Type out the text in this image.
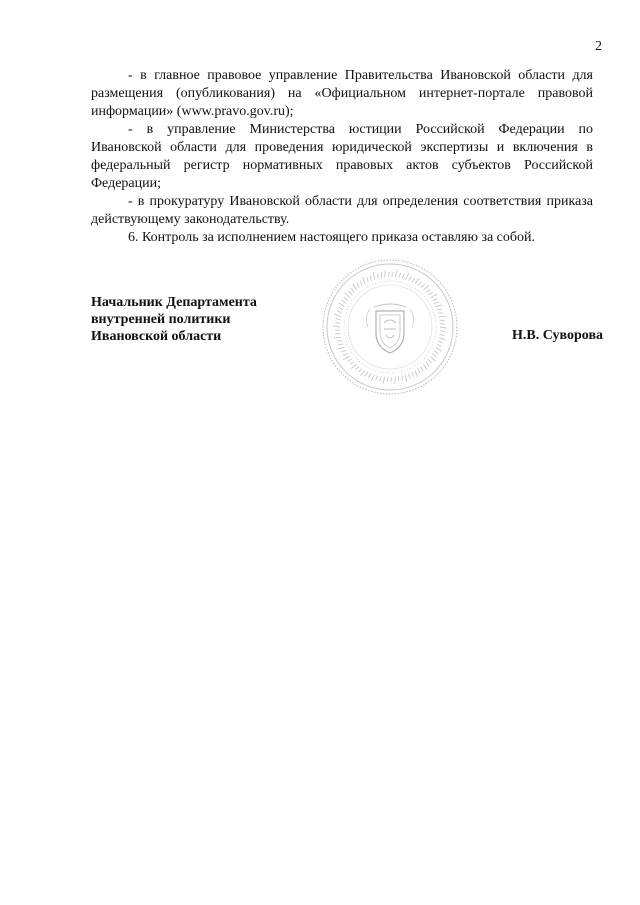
2

- в главное правовое управление Правительства Ивановской области для размещения (опубликования) на «Официальном интернет-портале правовой информации» (www.pravo.gov.ru);

- в управление Министерства юстиции Российской Федерации по Ивановской области для проведения юридической экспертизы и включения в федеральный регистр нормативных правовых актов субъектов Российской Федерации;

- в прокуратуру Ивановской области для определения соответствия приказа действующему законодательству.

6. Контроль за исполнением настоящего приказа оставляю за собой.

Начальник Департамента
внутренней политики
Ивановской области	Н.В. Суворова
